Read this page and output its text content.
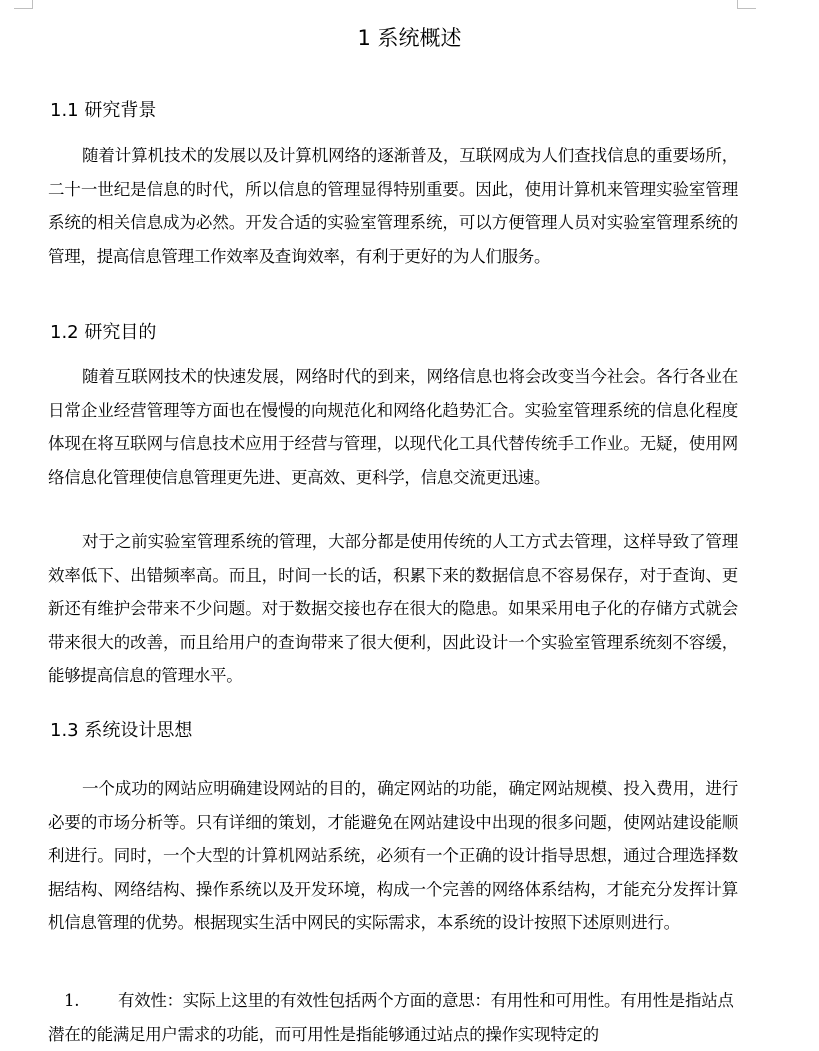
1 系统概述
1.1 研究背景
随着计算机技术的发展以及计算机网络的逐渐普及，互联网成为人们查找信息的重要场所，二十一世纪是信息的时代，所以信息的管理显得特别重要。因此，使用计算机来管理实验室管理系统的相关信息成为必然。开发合适的实验室管理系统，可以方便管理人员对实验室管理系统的管理，提高信息管理工作效率及查询效率，有利于更好的为人们服务。
1.2 研究目的
随着互联网技术的快速发展，网络时代的到来，网络信息也将会改变当今社会。各行各业在日常企业经营管理等方面也在慢慢的向规范化和网络化趋势汇合。实验室管理系统的信息化程度体现在将互联网与信息技术应用于经营与管理，以现代化工具代替传统手工作业。无疑，使用网络信息化管理使信息管理更先进、更高效、更科学，信息交流更迅速。
对于之前实验室管理系统的管理，大部分都是使用传统的人工方式去管理，这样导致了管理效率低下、出错频率高。而且，时间一长的话，积累下来的数据信息不容易保存，对于查询、更新还有维护会带来不少问题。对于数据交接也存在很大的隐患。如果采用电子化的存储方式就会带来很大的改善，而且给用户的查询带来了很大便利，因此设计一个实验室管理系统刻不容缓，能够提高信息的管理水平。
1.3 系统设计思想
一个成功的网站应明确建设网站的目的，确定网站的功能，确定网站规模、投入费用，进行必要的市场分析等。只有详细的策划，才能避免在网站建设中出现的很多问题，使网站建设能顺利进行。同时，一个大型的计算机网站系统，必须有一个正确的设计指导思想，通过合理选择数据结构、网络结构、操作系统以及开发环境，构成一个完善的网络体系结构，才能充分发挥计算机信息管理的优势。根据现实生活中网民的实际需求，本系统的设计按照下述原则进行。
1. 有效性：实际上这里的有效性包括两个方面的意思：有用性和可用性。有用性是指站点潜在的能满足用户需求的功能，而可用性是指能够通过站点的操作实现特定的
